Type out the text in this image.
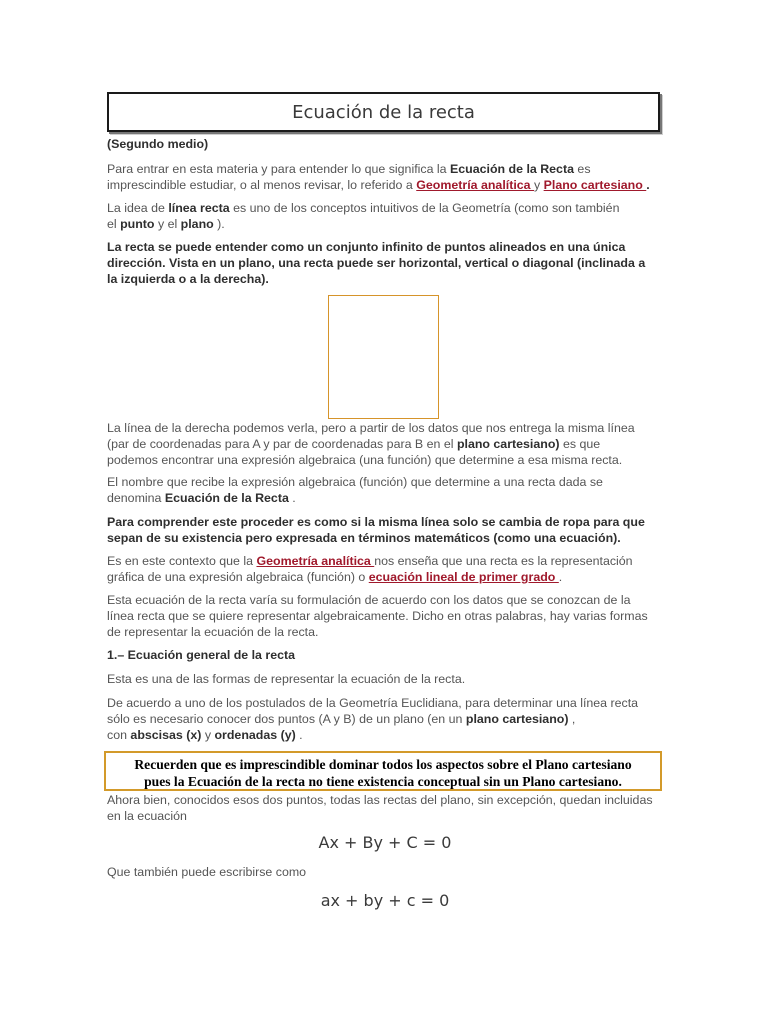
Ecuación de la recta

(Segundo medio)

Para entrar en esta materia y para entender lo que significa la Ecuación de la Recta es
imprescindible estudiar, o al menos revisar, lo referido a Geometría analítica y Plano cartesiano .

La idea de línea recta es uno de los conceptos intuitivos de la Geometría (como son también
el punto y el plano ).

La recta se puede entender como un conjunto infinito de puntos alineados en una única
dirección. Vista en un plano, una recta puede ser horizontal, vertical o diagonal (inclinada a
la izquierda o a la derecha).

La línea de la derecha podemos verla, pero a partir de los datos que nos entrega la misma línea
(par de coordenadas para A y par de coordenadas para B en el plano cartesiano) es que
podemos encontrar una expresión algebraica (una función) que determine a esa misma recta.

El nombre que recibe la expresión algebraica (función) que determine a una recta dada se
denomina Ecuación de la Recta .

Para comprender este proceder es como si la misma línea solo se cambia de ropa para que
sepan de su existencia pero expresada en términos matemáticos (como una ecuación).

Es en este contexto que la Geometría analítica nos enseña que una recta es la representación
gráfica de una expresión algebraica (función) o ecuación lineal de primer grado .

Esta ecuación de la recta varía su formulación de acuerdo con los datos que se conozcan de la
línea recta que se quiere representar algebraicamente. Dicho en otras palabras, hay varias formas
de representar la ecuación de la recta.

1.– Ecuación general de la recta

Esta es una de las formas de representar la ecuación de la recta.

De acuerdo a uno de los postulados de la Geometría Euclidiana, para determinar una línea recta
sólo es necesario conocer dos puntos (A y B) de un plano (en un plano cartesiano) ,
con abscisas (x) y ordenadas (y) .

Recuerden que es imprescindible dominar todos los aspectos sobre el Plano cartesiano
pues la Ecuación de la recta no tiene existencia conceptual sin un Plano cartesiano.

Ahora bien, conocidos esos dos puntos, todas las rectas del plano, sin excepción, quedan incluidas
en la ecuación

Ax + By + C = 0

Que también puede escribirse como

ax + by + c = 0
